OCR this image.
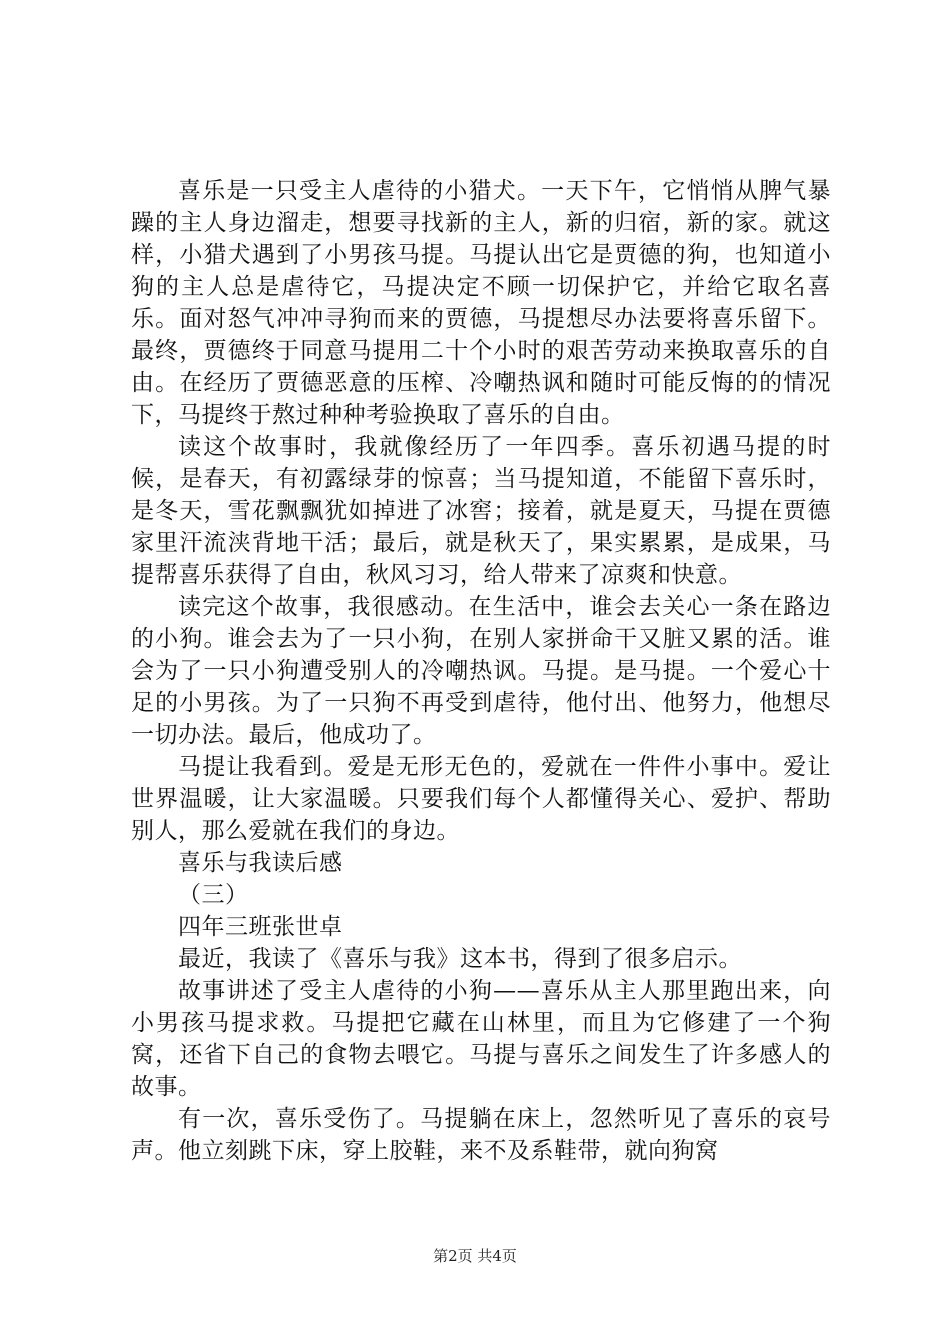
喜乐是一只受主人虐待的小猎犬。一天下午，它悄悄从脾气暴躁的主人身边溜走，想要寻找新的主人，新的归宿，新的家。就这样，小猎犬遇到了小男孩马提。马提认出它是贾德的狗，也知道小狗的主人总是虐待它，马提决定不顾一切保护它，并给它取名喜乐。面对怒气冲冲寻狗而来的贾德，马提想尽办法要将喜乐留下。最终，贾德终于同意马提用二十个小时的艰苦劳动来换取喜乐的自由。在经历了贾德恶意的压榨、冷嘲热讽和随时可能反悔的的情况下，马提终于熬过种种考验换取了喜乐的自由。

读这个故事时，我就像经历了一年四季。喜乐初遇马提的时候，是春天，有初露绿芽的惊喜；当马提知道，不能留下喜乐时，是冬天，雪花飘飘犹如掉进了冰窖；接着，就是夏天，马提在贾德家里汗流浃背地干活；最后，就是秋天了，果实累累，是成果，马提帮喜乐获得了自由，秋风习习，给人带来了凉爽和快意。

读完这个故事，我很感动。在生活中，谁会去关心一条在路边的小狗。谁会去为了一只小狗，在别人家拼命干又脏又累的活。谁会为了一只小狗遭受别人的冷嘲热讽。马提。是马提。一个爱心十足的小男孩。为了一只狗不再受到虐待，他付出、他努力，他想尽一切办法。最后，他成功了。

马提让我看到。爱是无形无色的，爱就在一件件小事中。爱让世界温暖，让大家温暖。只要我们每个人都懂得关心、爱护、帮助别人，那么爱就在我们的身边。

喜乐与我读后感

（三）

四年三班张世卓

最近，我读了《喜乐与我》这本书，得到了很多启示。

故事讲述了受主人虐待的小狗——喜乐从主人那里跑出来，向小男孩马提求救。马提把它藏在山林里，而且为它修建了一个狗窝，还省下自己的食物去喂它。马提与喜乐之间发生了许多感人的故事。

有一次，喜乐受伤了。马提躺在床上，忽然听见了喜乐的哀号声。他立刻跳下床，穿上胶鞋，来不及系鞋带，就向狗窝

第2页 共4页
